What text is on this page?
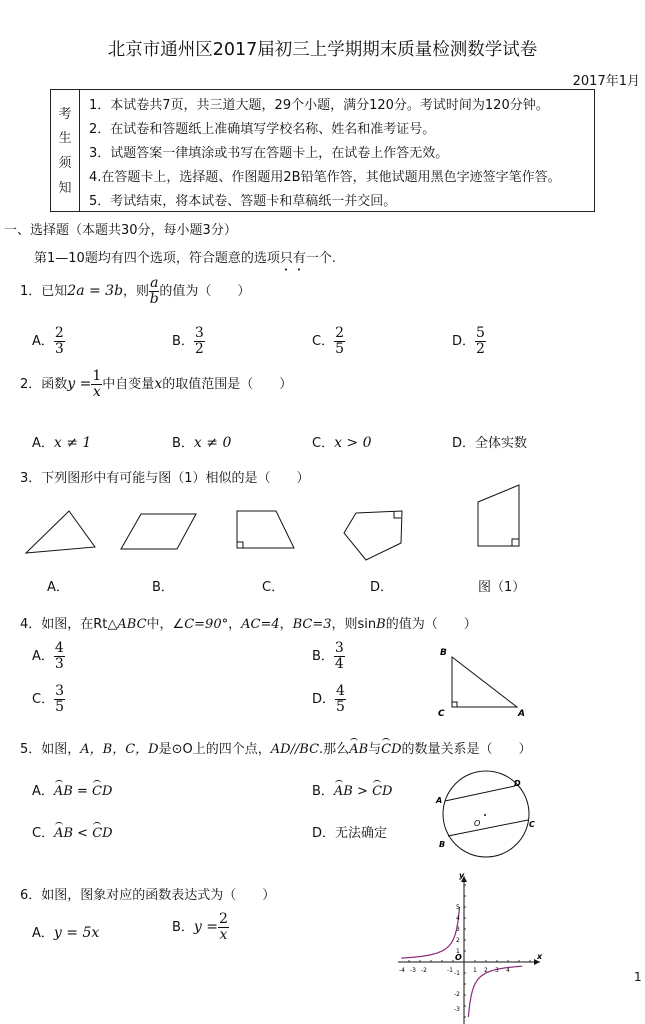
北京市通州区2017届初三上学期期末质量检测数学试卷
2017年1月
考
生
须
知
1．本试卷共7页，共三道大题，29个小题，满分120分。考试时间为120分钟。
2．在试卷和答题纸上准确填写学校名称、姓名和准考证号。
3．试题答案一律填涂或书写在答题卡上，在试卷上作答无效。
4.在答题卡上，选择题、作图题用2B铅笔作答，其他试题用黑色字迹签字笔作答。
5．考试结束，将本试卷、答题卡和草稿纸一并交回。
一、选择题（本题共30分，每小题3分）
第1—10题均有四个选项，符合题意的选项只有一个.
1．已知2a = 3b，则 $\frac{a}{b}$ 的值为（　　）
A． $\frac{2}{3}$	B． $\frac{3}{2}$	C． $\frac{2}{5}$	D． $\frac{5}{2}$
2．函数$y = \frac{1}{x}$ 中自变量x的取值范围是（　　）
A．x ≠ 1	B．x ≠ 0	C．x > 0	D．全体实数
3．下列图形中有可能与图（1）相似的是（　　）
A．	B．	C．	D．	图（1）
4．如图，在Rt△ABC中，∠C=90°，AC=4，BC=3，则sinB的值为（　　）
A． $\frac{4}{3}$	B． $\frac{3}{4}$
C． $\frac{3}{5}$	D． $\frac{4}{5}$
B
C	A
5．如图，A，B，C，D是⊙O上的四个点，AD//BC.那么AB与CD的数量关系是（　　）
A．AB = CD	B．AB > CD
C．AB < CD	D．无法确定
A
D
O	C
B
6．如图，图象对应的函数表达式为（　　）
A．y = 5x	B．$y = \frac{2}{x}$
y
x
O
-4 -3 -2	-1	1 2 3 4
5
4
3
2
1
-1
-2
-3
1
